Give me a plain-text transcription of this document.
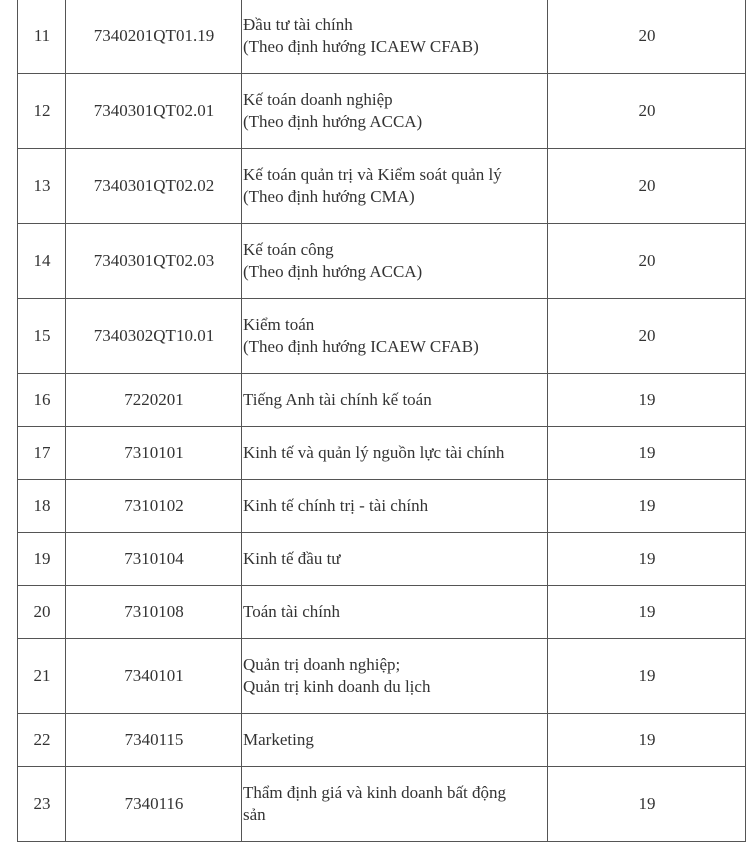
11	7340201QT01.19	Đầu tư tài chính
(Theo định hướng ICAEW CFAB)	20
12	7340301QT02.01	Kế toán doanh nghiệp
(Theo định hướng ACCA)	20
13	7340301QT02.02	Kế toán quản trị và Kiểm soát quản lý
(Theo định hướng CMA)	20
14	7340301QT02.03	Kế toán công
(Theo định hướng ACCA)	20
15	7340302QT10.01	Kiểm toán
(Theo định hướng ICAEW CFAB)	20
16	7220201	Tiếng Anh tài chính kế toán	19
17	7310101	Kinh tế và quản lý nguồn lực tài chính	19
18	7310102	Kinh tế chính trị - tài chính	19
19	7310104	Kinh tế đầu tư	19
20	7310108	Toán tài chính	19
21	7340101	Quản trị doanh nghiệp;
Quản trị kinh doanh du lịch	19
22	7340115	Marketing	19
23	7340116	Thẩm định giá và kinh doanh bất động
sản	19
